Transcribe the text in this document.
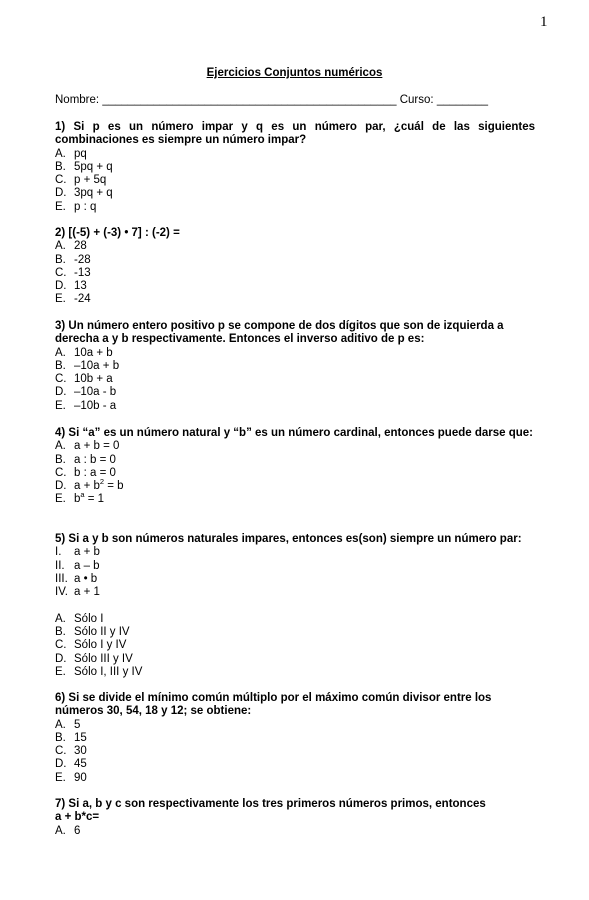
1
Ejercicios Conjuntos numéricos
Nombre: ______________________________________________ Curso: ________
1) Si p es un número impar y q es un número par, ¿cuál de las siguientes combinaciones es siempre un número impar?
A. pq
B. 5pq + q
C. p + 5q
D. 3pq + q
E. p : q
2) [(-5) + (-3) • 7] : (-2) =
A. 28
B. -28
C. -13
D. 13
E. -24
3) Un número entero positivo p se compone de dos dígitos que son de izquierda a derecha a y b respectivamente. Entonces el inverso aditivo de p es:
A. 10a + b
B. –10a + b
C. 10b + a
D. –10a - b
E. –10b - a
4) Si “a” es un número natural y “b” es un número cardinal, entonces puede darse que:
A. a + b = 0
B. a : b = 0
C. b : a = 0
D. $a + b^2 = b$
E. $b^a = 1$
5) Si a y b son números naturales impares, entonces es(son) siempre un número par:
I. a + b
II. a – b
III. a • b
IV. a + 1
A. Sólo I
B. Sólo II y IV
C. Sólo I y IV
D. Sólo III y IV
E. Sólo I, III y IV
6) Si se divide el mínimo común múltiplo por el máximo común divisor entre los números 30, 54, 18 y 12; se obtiene:
A. 5
B. 15
C. 30
D. 45
E. 90
7) Si a, b y c son respectivamente los tres primeros números primos, entonces
a + b*c=
A. 6
